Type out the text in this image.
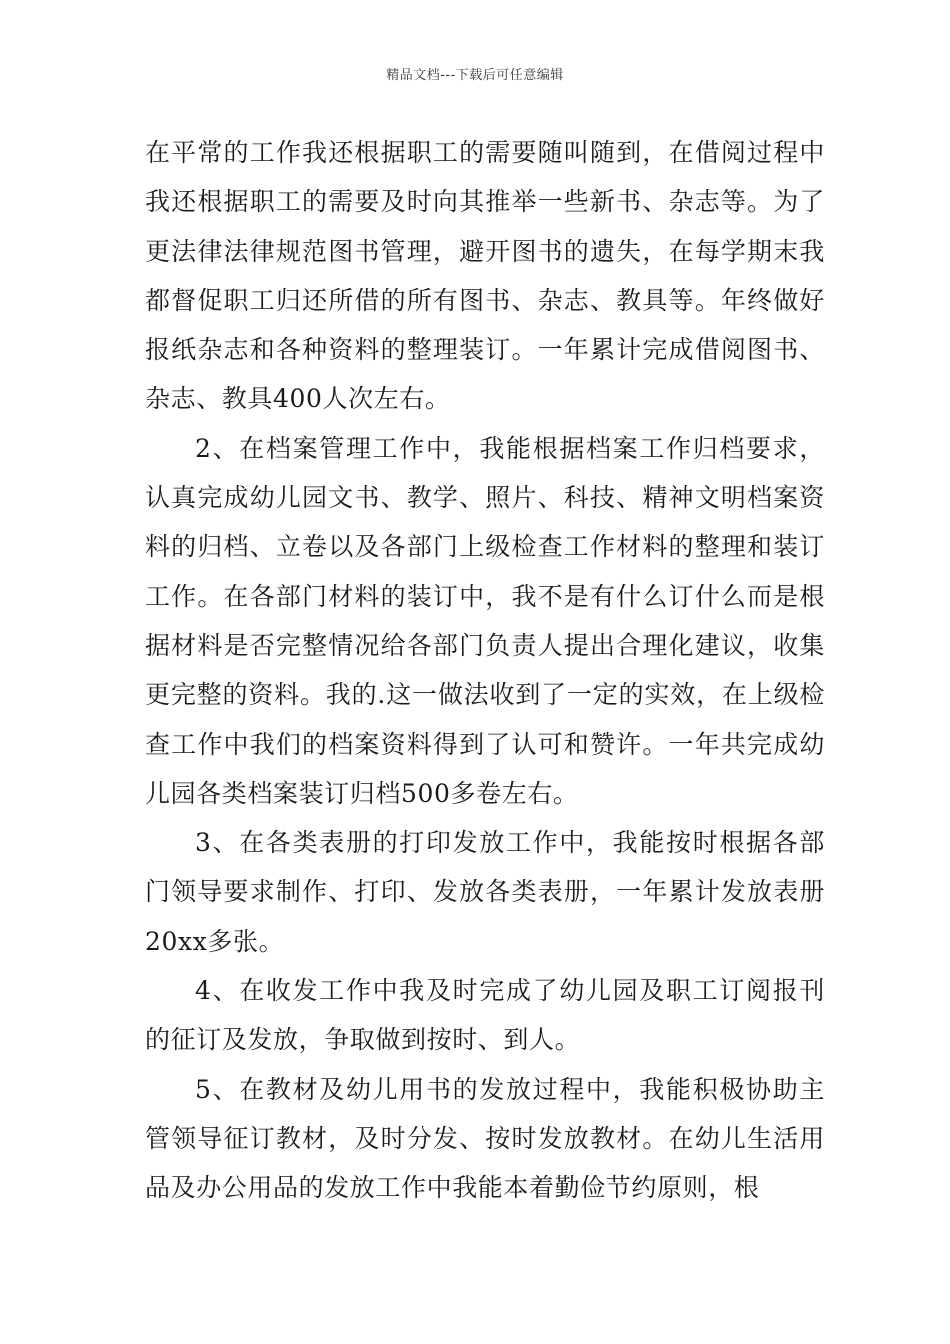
精品文档---下载后可任意编辑

在平常的工作我还根据职工的需要随叫随到，在借阅过程中我还根据职工的需要及时向其推举一些新书、杂志等。为了更法律法律规范图书管理，避开图书的遗失，在每学期末我都督促职工归还所借的所有图书、杂志、教具等。年终做好报纸杂志和各种资料的整理装订。一年累计完成借阅图书、杂志、教具400人次左右。

2、在档案管理工作中，我能根据档案工作归档要求，认真完成幼儿园文书、教学、照片、科技、精神文明档案资料的归档、立卷以及各部门上级检查工作材料的整理和装订工作。在各部门材料的装订中，我不是有什么订什么而是根据材料是否完整情况给各部门负责人提出合理化建议，收集更完整的资料。我的.这一做法收到了一定的实效，在上级检查工作中我们的档案资料得到了认可和赞许。一年共完成幼儿园各类档案装订归档500多卷左右。

3、在各类表册的打印发放工作中，我能按时根据各部门领导要求制作、打印、发放各类表册，一年累计发放表册20xx多张。

4、在收发工作中我及时完成了幼儿园及职工订阅报刊的征订及发放，争取做到按时、到人。

5、在教材及幼儿用书的发放过程中，我能积极协助主管领导征订教材，及时分发、按时发放教材。在幼儿生活用品及办公用品的发放工作中我能本着勤俭节约原则，根
